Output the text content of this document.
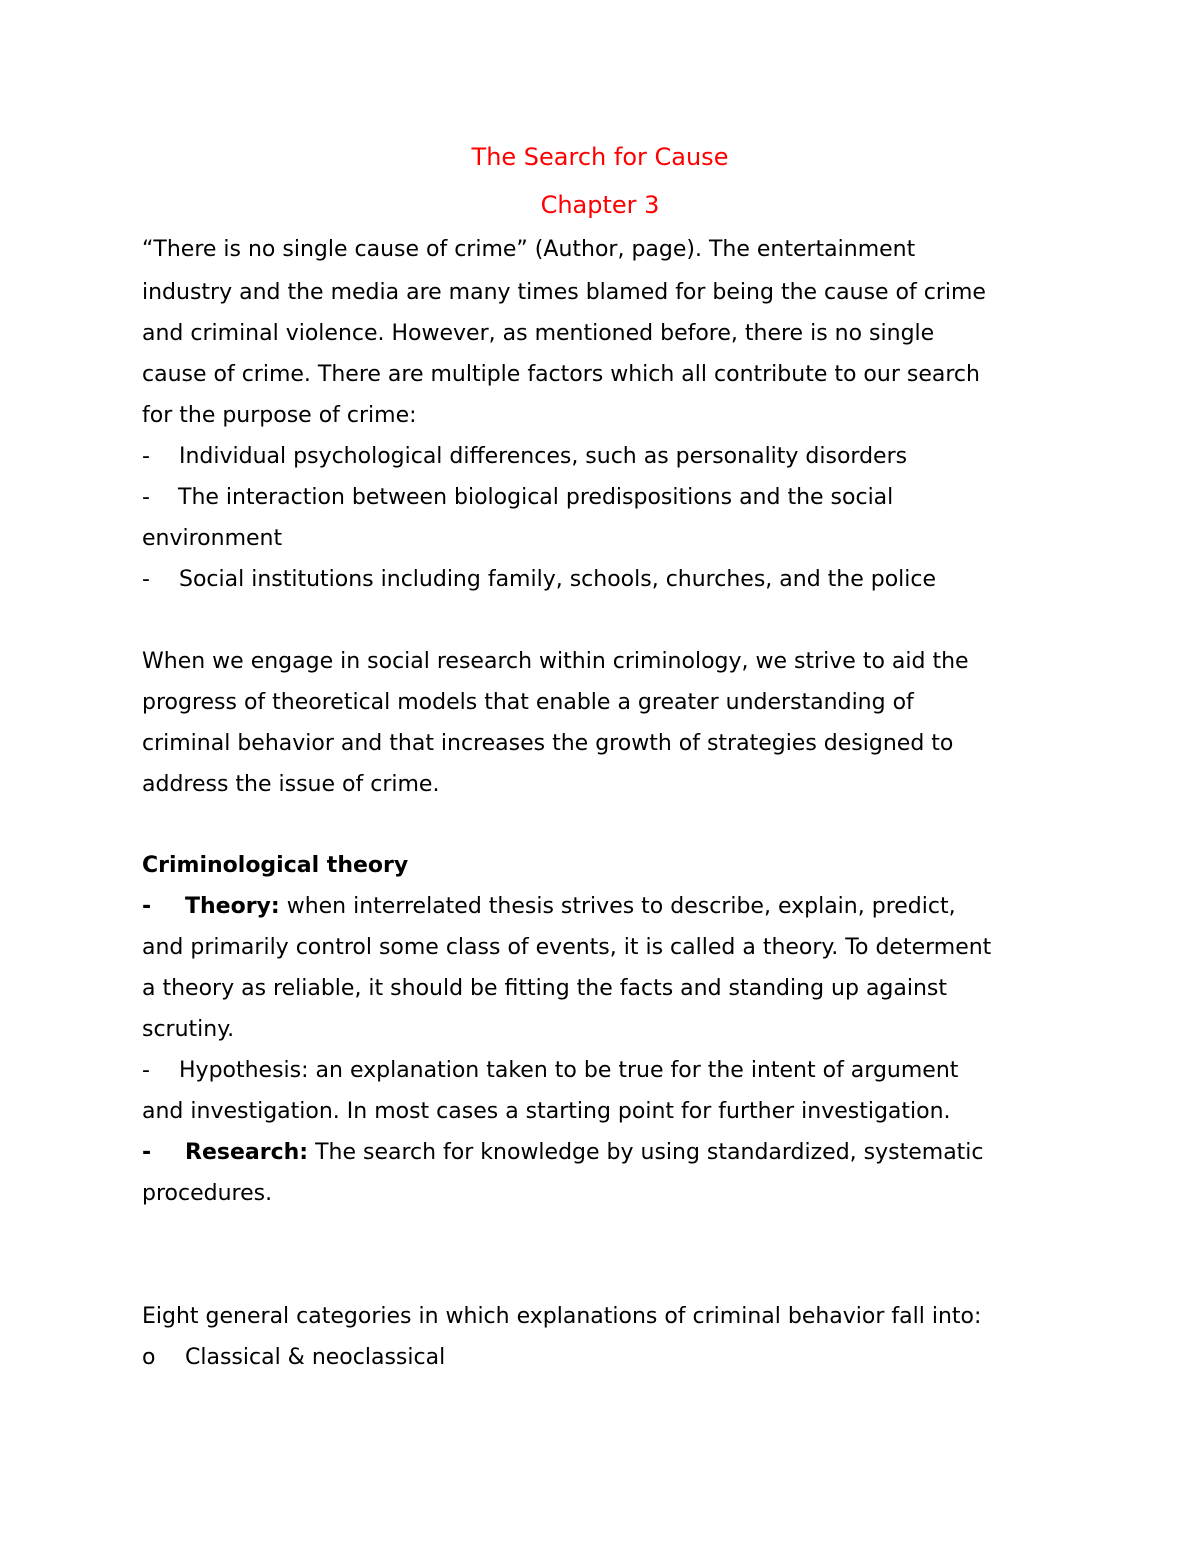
The Search for Cause
Chapter 3

“There is no single cause of crime” (Author, page). The entertainment

industry and the media are many times blamed for being the cause of crime

and criminal violence. However, as mentioned before, there is no single

cause of crime. There are multiple factors which all contribute to our search

for the purpose of crime:

- Individual psychological differences, such as personality disorders
- The interaction between biological predispositions and the social

environment

- Social institutions including family, schools, churches, and the police

When we engage in social research within criminology, we strive to aid the

progress of theoretical models that enable a greater understanding of

criminal behavior and that increases the growth of strategies designed to

address the issue of crime.

Criminological theory

- Theory: when interrelated thesis strives to describe, explain, predict,

and primarily control some class of events, it is called a theory. To determent

a theory as reliable, it should be fitting the facts and standing up against

scrutiny.

- Hypothesis: an explanation taken to be true for the intent of argument

and investigation. In most cases a starting point for further investigation.

- Research: The search for knowledge by using standardized, systematic

procedures.

Eight general categories in which explanations of criminal behavior fall into:

o Classical & neoclassical
